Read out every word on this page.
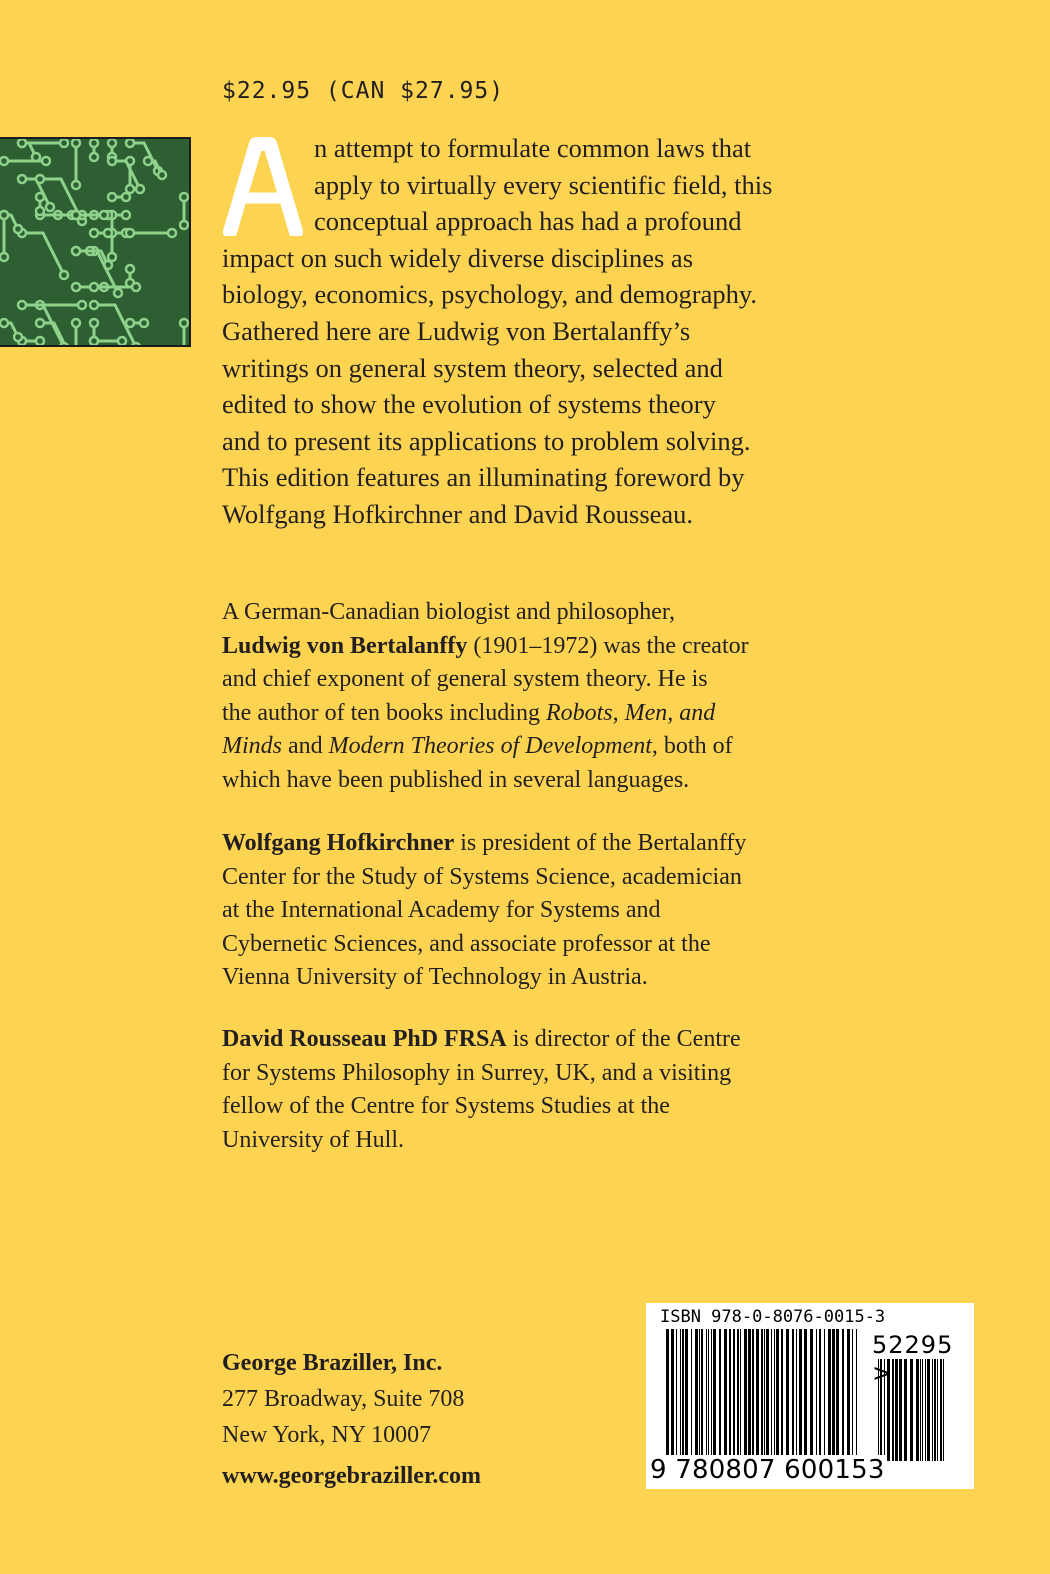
$22.95 (CAN $27.95)
n attempt to formulate common laws that
apply to virtually every scientific field, this
conceptual approach has had a profound
impact on such widely diverse disciplines as
biology, economics, psychology, and demography.
Gathered here are Ludwig von Bertalanffy’s
writings on general system theory, selected and
edited to show the evolution of systems theory
and to present its applications to problem solving.
This edition features an illuminating foreword by
Wolfgang Hofkirchner and David Rousseau.
A German-Canadian biologist and philosopher,
Ludwig von Bertalanffy (1901–1972) was the creator
and chief exponent of general system theory. He is
the author of ten books including Robots, Men, and
Minds and Modern Theories of Development, both of
which have been published in several languages.
Wolfgang Hofkirchner is president of the Bertalanffy
Center for the Study of Systems Science, academician
at the International Academy for Systems and
Cybernetic Sciences, and associate professor at the
Vienna University of Technology in Austria.
David Rousseau PhD FRSA is director of the Centre
for Systems Philosophy in Surrey, UK, and a visiting
fellow of the Centre for Systems Studies at the
University of Hull.
George Braziller, Inc.
277 Broadway, Suite 708
New York, NY 10007
www.georgebraziller.com
ISBN 978-0-8076-0015-3
52295 >
9 780807 600153
